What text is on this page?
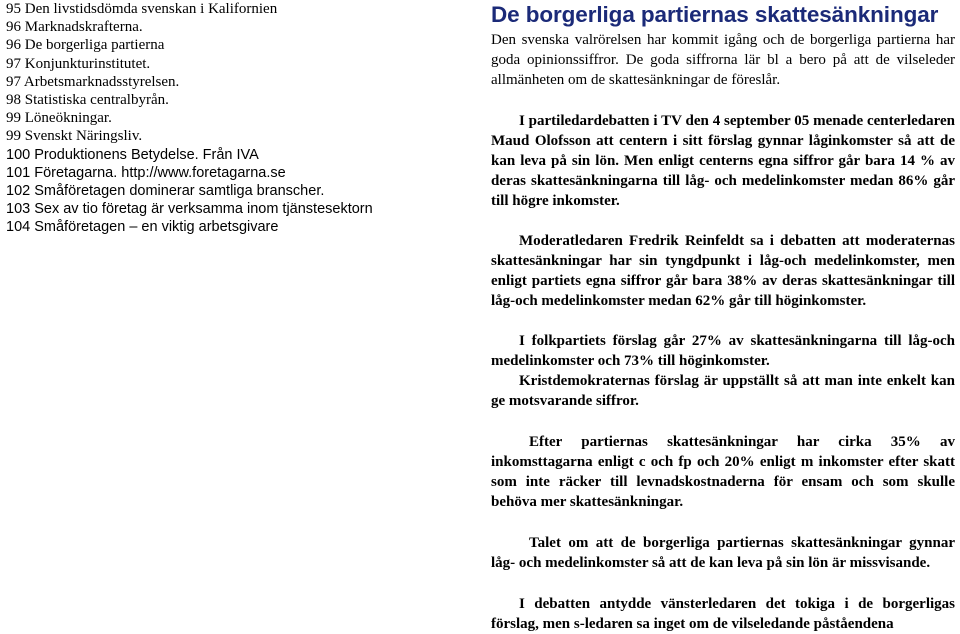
95 Den livstidsdömda svenskan i Kalifornien
96 Marknadskrafterna.
96 De borgerliga partierna
97 Konjunkturinstitutet.
97 Arbetsmarknadsstyrelsen.
98 Statistiska centralbyrån.
99 Löneökningar.
99 Svenskt Näringsliv.
100 Produktionens Betydelse. Från IVA
101 Företagarna. http://www.foretagarna.se
102 Småföretagen dominerar samtliga branscher.
103 Sex av tio företag är verksamma inom tjänstesektorn
104 Småföretagen – en viktig arbetsgivare
De borgerliga partiernas skattesänkningar

Den svenska valrörelsen har kommit igång och de borgerliga partierna har goda opinionssiffror. De goda siffrorna lär bl a bero på att de vilseleder allmänheten om de skattesänkningar de föreslår.

I partiledardebatten i TV den 4 september 05 menade centerledaren Maud Olofsson att centern i sitt förslag gynnar låginkomster så att de kan leva på sin lön. Men enligt centerns egna siffror går bara 14 % av deras skattesänkningarna till låg- och medelinkomster medan 86% går till högre inkomster.

Moderatledaren Fredrik Reinfeldt sa i debatten att moderaternas skattesänkningar har sin tyngdpunkt i låg-och medelinkomster, men enligt partiets egna siffror går bara 38% av deras skattesänkningar till låg-och medelinkomster medan 62% går till höginkomster.

I folkpartiets förslag går 27% av skattesänkningarna till låg-och medelinkomster och 73% till höginkomster.

Kristdemokraternas förslag är uppställt så att man inte enkelt kan ge motsvarande siffror.

Efter partiernas skattesänkningar har cirka 35% av inkomsttagarna enligt c och fp och 20% enligt m inkomster efter skatt som inte räcker till levnadskostnaderna för ensam och som skulle behöva mer skattesänkningar.

Talet om att de borgerliga partiernas skattesänkningar gynnar låg- och medelinkomster så att de kan leva på sin lön är missvisande.

I debatten antydde vänsterledaren det tokiga i de borgerligas förslag, men s-ledaren sa inget om de vilseledande påståendena
